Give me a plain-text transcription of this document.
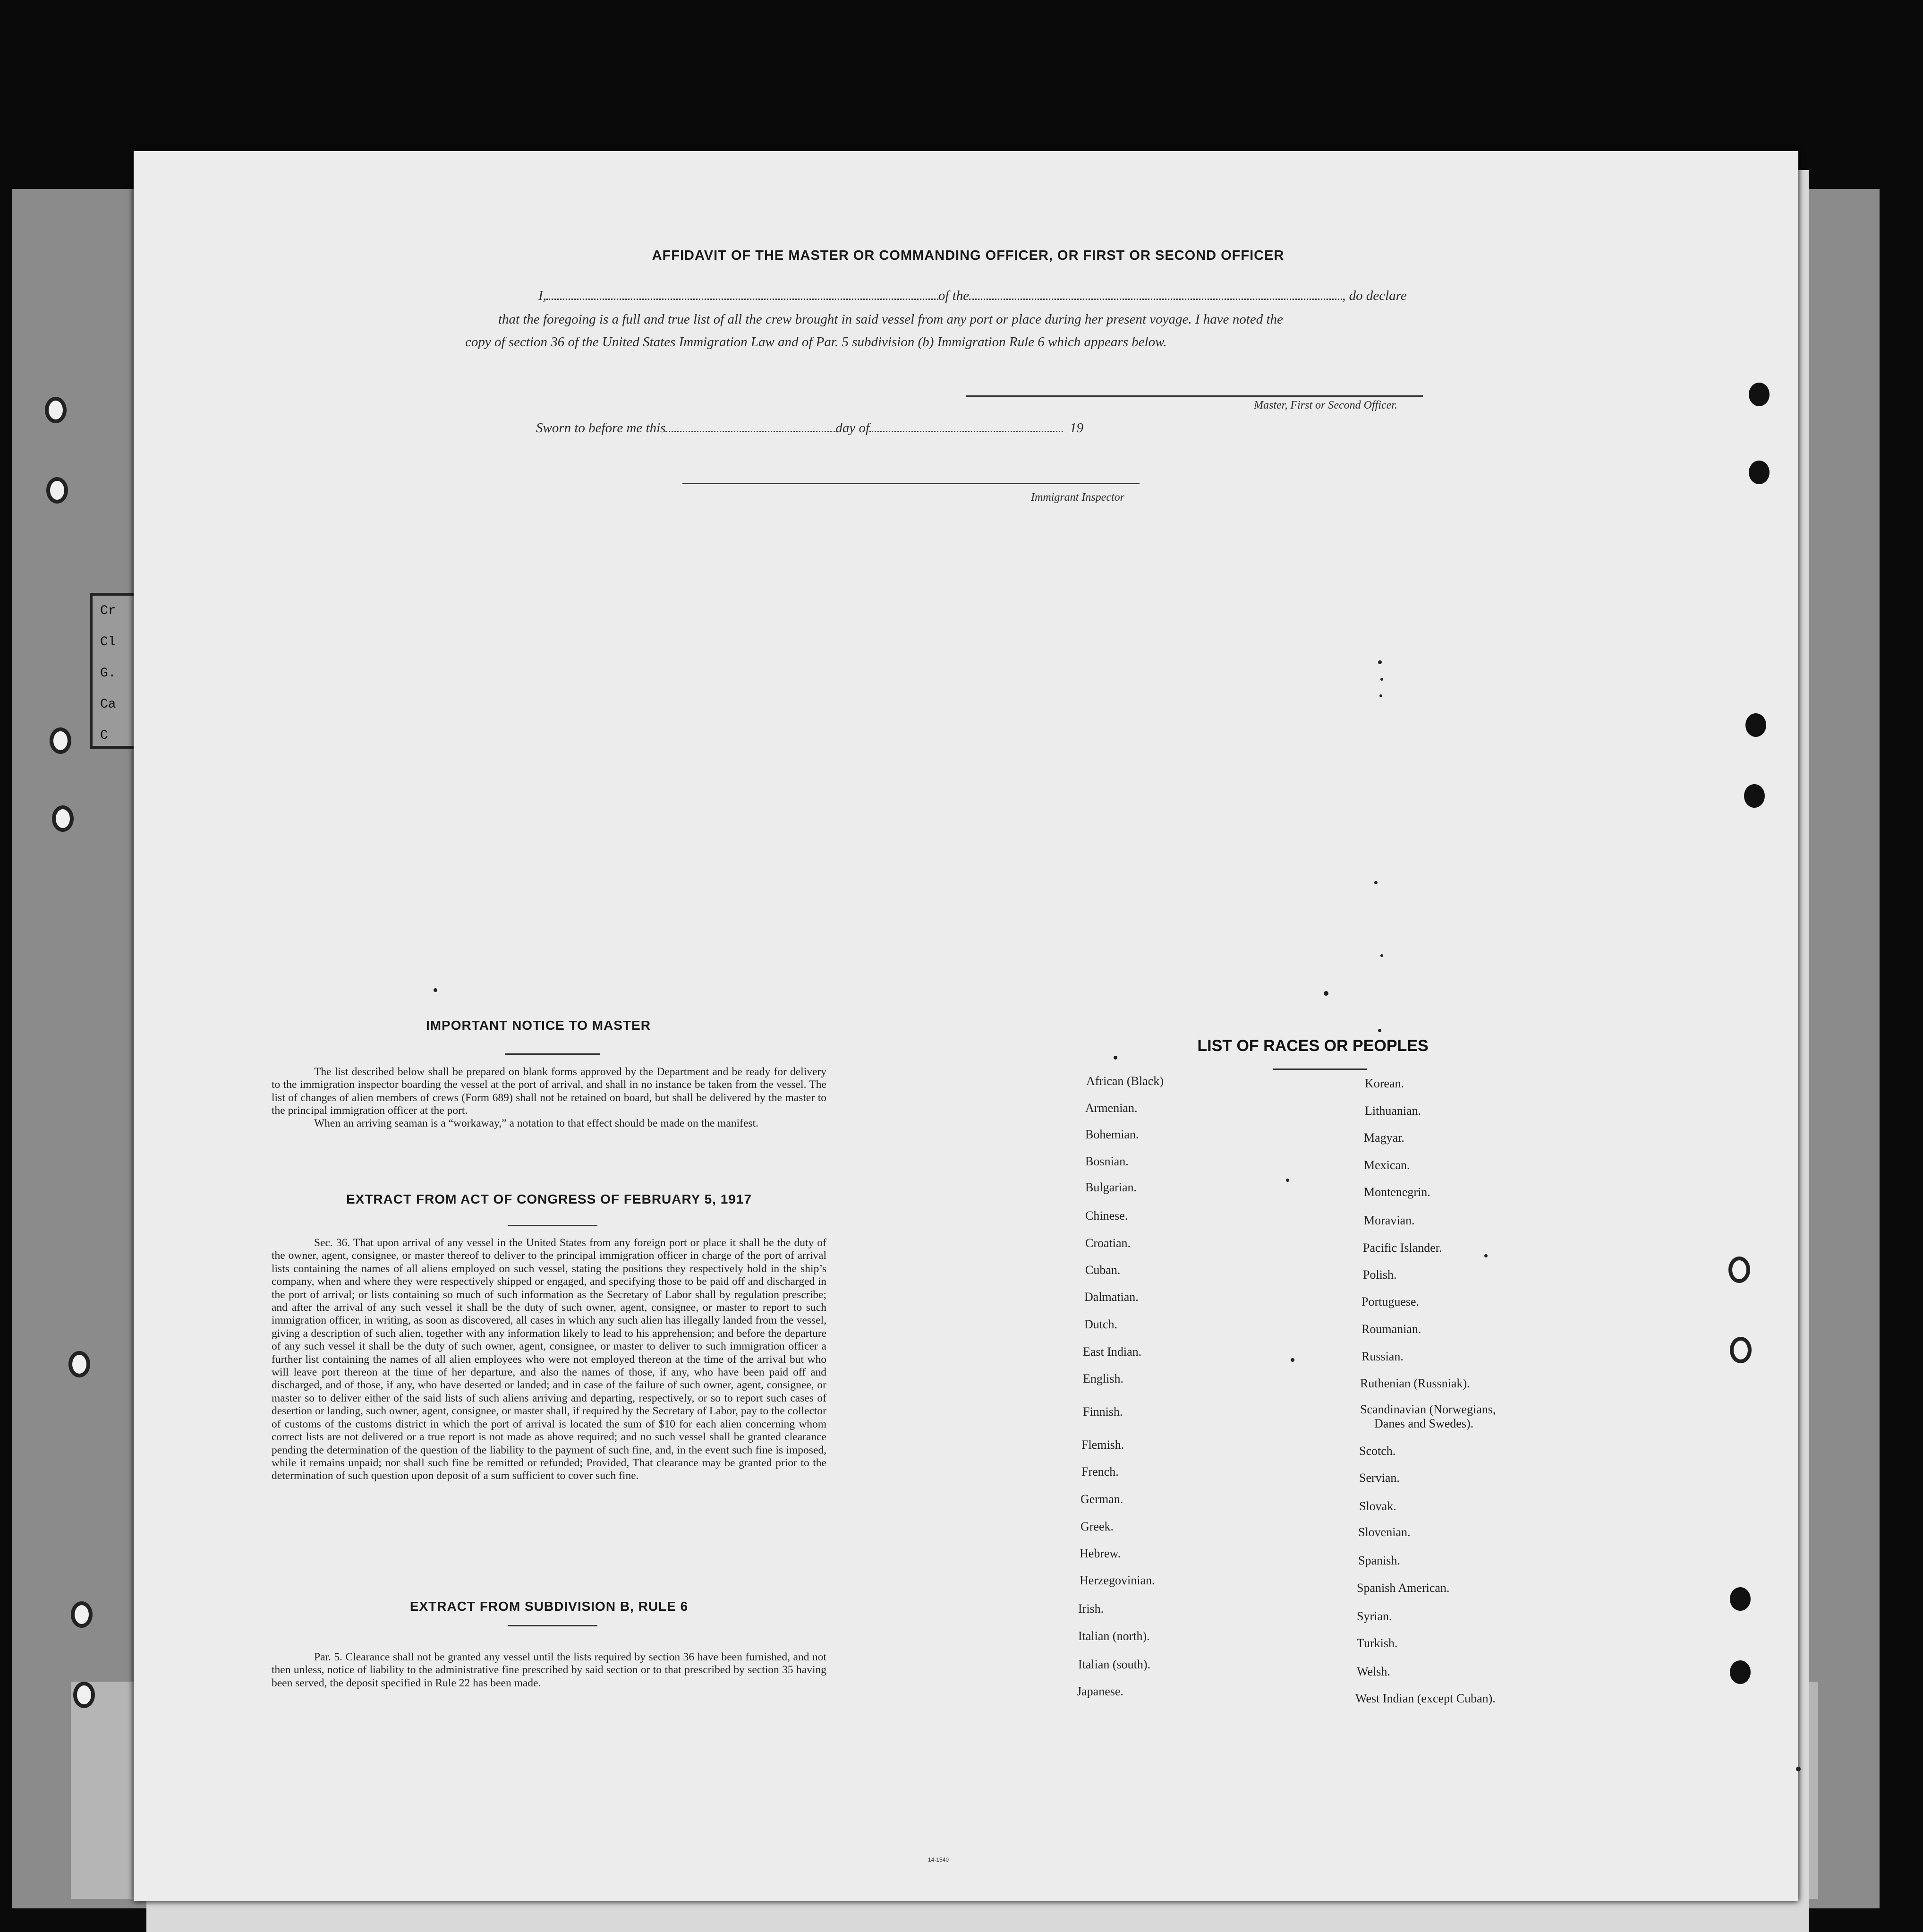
Cr
Cl
G.
Ca
C
AFFIDAVIT OF THE MASTER OR COMMANDING OFFICER, OR FIRST OR SECOND OFFICER
I,	of the	, do declare
that the foregoing is a full and true list of all the crew brought in said vessel from any port or place during her present voyage. I have noted the
copy of section 36 of the United States Immigration Law and of Par. 5 subdivision (b) Immigration Rule 6 which appears below.
Master, First or Second Officer.
Sworn to before me this	day of	19
Immigrant Inspector
IMPORTANT NOTICE TO MASTER
The list described below shall be prepared on blank forms approved by the Department and be ready for delivery to the immigration inspector boarding the vessel at the port of arrival, and shall in no instance be taken from the vessel. The list of changes of alien members of crews (Form 689) shall not be retained on board, but shall be delivered by the master to the principal immigration officer at the port.
When an arriving seaman is a “workaway,” a notation to that effect should be made on the manifest.
EXTRACT FROM ACT OF CONGRESS OF FEBRUARY 5, 1917
Sec. 36. That upon arrival of any vessel in the United States from any foreign port or place it shall be the duty of the owner, agent, consignee, or master thereof to deliver to the principal immigration officer in charge of the port of arrival lists containing the names of all aliens employed on such vessel, stating the positions they respectively hold in the ship’s company, when and where they were respectively shipped or engaged, and specifying those to be paid off and discharged in the port of arrival; or lists containing so much of such information as the Secretary of Labor shall by regulation prescribe; and after the arrival of any such vessel it shall be the duty of such owner, agent, consignee, or master to report to such immigration officer, in writing, as soon as discovered, all cases in which any such alien has illegally landed from the vessel, giving a description of such alien, together with any information likely to lead to his apprehension; and before the departure of any such vessel it shall be the duty of such owner, agent, consignee, or master to deliver to such immigration officer a further list containing the names of all alien employees who were not employed thereon at the time of the arrival but who will leave port thereon at the time of her departure, and also the names of those, if any, who have been paid off and discharged, and of those, if any, who have deserted or landed; and in case of the failure of such owner, agent, consignee, or master so to deliver either of the said lists of such aliens arriving and departing, respectively, or so to report such cases of desertion or landing, such owner, agent, consignee, or master shall, if required by the Secretary of Labor, pay to the collector of customs of the customs district in which the port of arrival is located the sum of $10 for each alien concerning whom correct lists are not delivered or a true report is not made as above required; and no such vessel shall be granted clearance pending the determination of the question of the liability to the payment of such fine, and, in the event such fine is imposed, while it remains unpaid; nor shall such fine be remitted or refunded; Provided, That clearance may be granted prior to the determination of such question upon deposit of a sum sufficient to cover such fine.
EXTRACT FROM SUBDIVISION B, RULE 6
Par. 5. Clearance shall not be granted any vessel until the lists required by section 36 have been furnished, and not then unless, notice of liability to the administrative fine prescribed by said section or to that prescribed by section 35 having been served, the deposit specified in Rule 22 has been made.
14-1540
LIST OF RACES OR PEOPLES
African (Black)
Armenian.
Bohemian.
Bosnian.
Bulgarian.
Chinese.
Croatian.
Cuban.
Dalmatian.
Dutch.
East Indian.
English.
Finnish.
Flemish.
French.
German.
Greek.
Hebrew.
Herzegovinian.
Irish.
Italian (north).
Italian (south).
Japanese.
Korean.
Lithuanian.
Magyar.
Mexican.
Montenegrin.
Moravian.
Pacific Islander.
Polish.
Portuguese.
Roumanian.
Russian.
Ruthenian (Russniak).
Scandinavian (Norwegians,
Danes and Swedes).
Scotch.
Servian.
Slovak.
Slovenian.
Spanish.
Spanish American.
Syrian.
Turkish.
Welsh.
West Indian (except Cuban).
